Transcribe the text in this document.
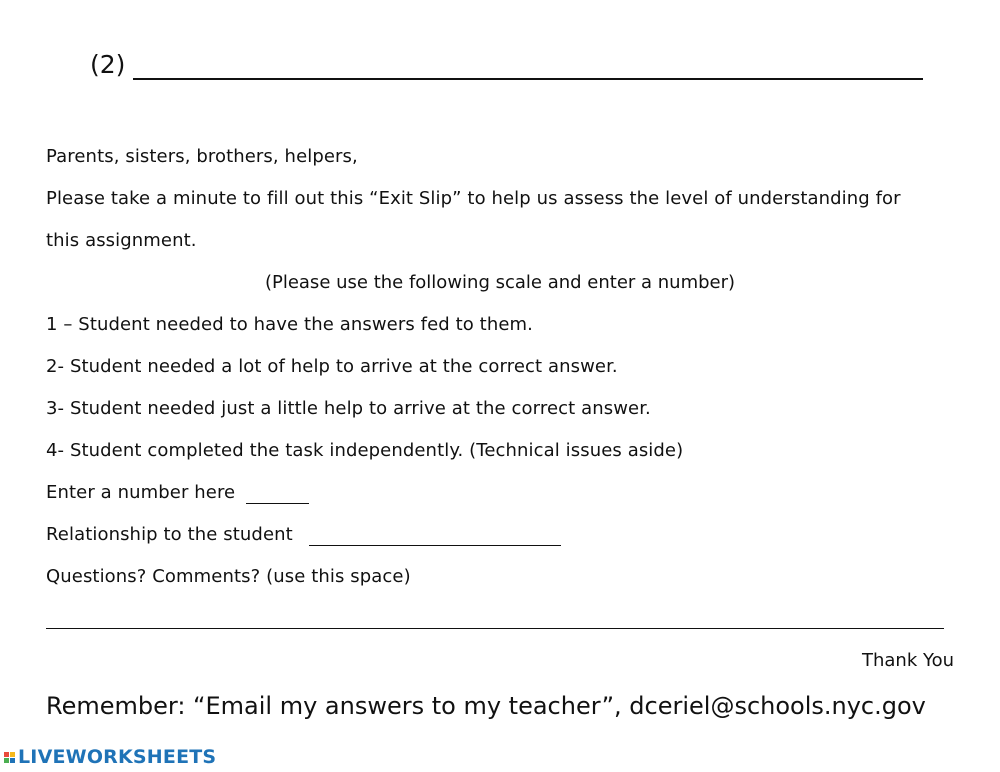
(2)
Parents, sisters, brothers, helpers,
Please take a minute to fill out this “Exit Slip” to help us assess the level of understanding for
this assignment.
(Please use the following scale and enter a number)
1 – Student needed to have the answers fed to them.
2- Student needed a lot of help to arrive at the correct answer.
3- Student needed just a little help to arrive at the correct answer.
4- Student completed the task independently. (Technical issues aside)
Enter a number here
Relationship to the student
Questions? Comments? (use this space)
Thank You
Remember: “Email my answers to my teacher”, dceriel@schools.nyc.gov
LIVEWORKSHEETS
